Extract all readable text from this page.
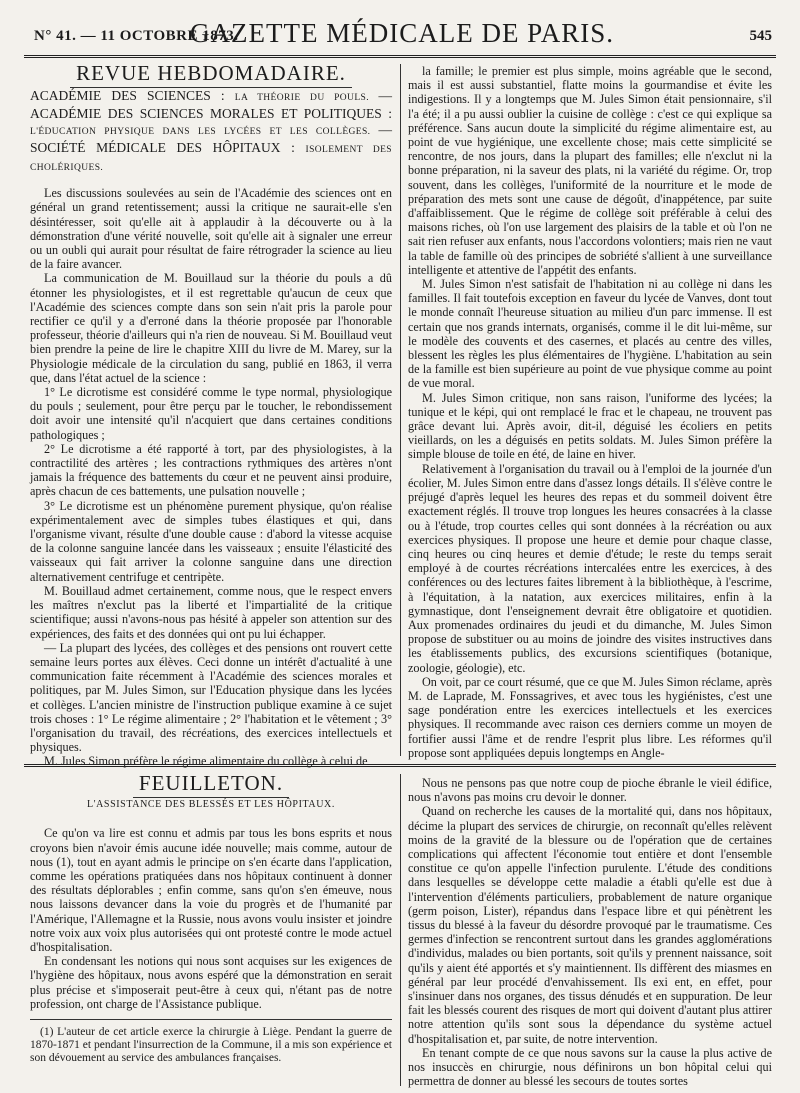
N° 41. — 11 OCTOBRE 1873.
GAZETTE MÉDICALE DE PARIS.	545
REVUE HEBDOMADAIRE.
ACADÉMIE DES SCIENCES : LA THÉORIE DU POULS. — ACADÉMIE DES SCIENCES MORALES ET POLITIQUES : L'ÉDUCATION PHYSIQUE DANS LES LYCÉES ET LES COLLÈGES. — SOCIÉTÉ MÉDICALE DES HÔPITAUX : ISOLEMENT DES CHOLÉRIQUES.

Les discussions soulevées au sein de l'Académie des sciences ont en général un grand retentissement; aussi la critique ne saurait-elle s'en désintéresser, soit qu'elle ait à applaudir à la découverte ou à la démonstration d'une vérité nouvelle, soit qu'elle ait à signaler une erreur ou un oubli qui aurait pour résultat de faire rétrograder la science au lieu de la faire avancer.

La communication de M. Bouillaud sur la théorie du pouls a dû étonner les physiologistes, et il est regrettable qu'aucun de ceux que l'Académie des sciences compte dans son sein n'ait pris la parole pour rectifier ce qu'il y a d'erroné dans la théorie proposée par l'honorable professeur, théorie d'ailleurs qui n'a rien de nouveau. Si M. Bouillaud veut bien prendre la peine de lire le chapitre XIII du livre de M. Marey, sur la Physiologie médicale de la circulation du sang, publié en 1863, il verra que, dans l'état actuel de la science :

1° Le dicrotisme est considéré comme le type normal, physiologique du pouls ; seulement, pour être perçu par le toucher, le rebondissement doit avoir une intensité qu'il n'acquiert que dans certaines conditions pathologiques ;

2° Le dicrotisme a été rapporté à tort, par des physiologistes, à la contractilité des artères ; les contractions rythmiques des artères n'ont jamais la fréquence des battements du cœur et ne peuvent ainsi produire, après chacun de ces battements, une pulsation nouvelle ;

3° Le dicrotisme est un phénomène purement physique, qu'on réalise expérimentalement avec de simples tubes élastiques et qui, dans l'organisme vivant, résulte d'une double cause : d'abord la vitesse acquise de la colonne sanguine lancée dans les vaisseaux ; ensuite l'élasticité des vaisseaux qui fait arriver la colonne sanguine dans une direction alternativement centrifuge et centripète.

M. Bouillaud admet certainement, comme nous, que le respect envers les maîtres n'exclut pas la liberté et l'impartialité de la critique scientifique; aussi n'avons-nous pas hésité à appeler son attention sur des expériences, des faits et des données qui ont pu lui échapper.

— La plupart des lycées, des collèges et des pensions ont rouvert cette semaine leurs portes aux élèves. Ceci donne un intérêt d'actualité à une communication faite récemment à l'Académie des sciences morales et politiques, par M. Jules Simon, sur l'Education physique dans les lycées et collèges. L'ancien ministre de l'instruction publique examine à ce sujet trois choses : 1° Le régime alimentaire ; 2° l'habitation et le vêtement ; 3° l'organisation du travail, des récréations, des exercices intellectuels et physiques.

M. Jules Simon préfère le régime alimentaire du collège à celui de

la famille; le premier est plus simple, moins agréable que le second, mais il est aussi substantiel, flatte moins la gourmandise et évite les indigestions. Il y a longtemps que M. Jules Simon était pensionnaire, s'il l'a été; il a pu aussi oublier la cuisine de collège : c'est ce qui explique sa préférence. Sans aucun doute la simplicité du régime alimentaire est, au point de vue hygiénique, une excellente chose; mais cette simplicité se rencontre, de nos jours, dans la plupart des familles; elle n'exclut ni la bonne préparation, ni la saveur des plats, ni la variété du régime. Or, trop souvent, dans les collèges, l'uniformité de la nourriture et le mode de préparation des mets sont une cause de dégoût, d'inappétence, par suite d'affaiblissement. Que le régime de collège soit préférable à celui des maisons riches, où l'on use largement des plaisirs de la table et où l'on ne sait rien refuser aux enfants, nous l'accordons volontiers; mais rien ne vaut la table de famille où des principes de sobriété s'allient à une surveillance intelligente et attentive de l'appétit des enfants.

M. Jules Simon n'est satisfait de l'habitation ni au collège ni dans les familles. Il fait toutefois exception en faveur du lycée de Vanves, dont tout le monde connaît l'heureuse situation au milieu d'un parc immense. Il est certain que nos grands internats, organisés, comme il le dit lui-même, sur le modèle des couvents et des casernes, et placés au centre des villes, blessent les règles les plus élémentaires de l'hygiène. L'habitation au sein de la famille est bien supérieure au point de vue physique comme au point de vue moral.

M. Jules Simon critique, non sans raison, l'uniforme des lycées; la tunique et le képi, qui ont remplacé le frac et le chapeau, ne trouvent pas grâce devant lui. Après avoir, dit-il, déguisé les écoliers en petits vieillards, on les a déguisés en petits soldats. M. Jules Simon préfère la simple blouse de toile en été, de laine en hiver.

Relativement à l'organisation du travail ou à l'emploi de la journée d'un écolier, M. Jules Simon entre dans d'assez longs détails. Il s'élève contre le préjugé d'après lequel les heures des repas et du sommeil doivent être exactement réglés. Il trouve trop longues les heures consacrées à la classe ou à l'étude, trop courtes celles qui sont données à la récréation ou aux exercices physiques. Il propose une heure et demie pour chaque classe, cinq heures ou cinq heures et demie d'étude; le reste du temps serait employé à de courtes récréations intercalées entre les exercices, à des conférences ou des lectures faites librement à la bibliothèque, à l'escrime, à l'équitation, à la natation, aux exercices militaires, enfin à la gymnastique, dont l'enseignement devrait être obligatoire et quotidien. Aux promenades ordinaires du jeudi et du dimanche, M. Jules Simon propose de substituer ou au moins de joindre des visites instructives dans les établissements publics, des excursions scientifiques (botanique, zoologie, géologie), etc.

On voit, par ce court résumé, que ce que M. Jules Simon réclame, après M. de Laprade, M. Fonssagrives, et avec tous les hygiénistes, c'est une sage pondération entre les exercices intellectuels et les exercices physiques. Il recommande avec raison ces derniers comme un moyen de fortifier aussi l'âme et de rendre l'esprit plus libre. Les réformes qu'il propose sont appliquées depuis longtemps en Angle-

FEUILLETON.
L'ASSISTANCE DES BLESSÉS ET LES HÔPITAUX.

Ce qu'on va lire est connu et admis par tous les bons esprits et nous croyons bien n'avoir émis aucune idée nouvelle; mais comme, autour de nous (1), tout en ayant admis le principe on s'en écarte dans l'application, comme les opérations pratiquées dans nos hôpitaux continuent à donner des résultats déplorables ; enfin comme, sans qu'on s'en émeuve, nous nous laissons devancer dans la voie du progrès et de l'humanité par l'Amérique, l'Allemagne et la Russie, nous avons voulu insister et joindre notre voix aux voix plus autorisées qui ont protesté contre le mode actuel d'hospitalisation.

En condensant les notions qui nous sont acquises sur les exigences de l'hygiène des hôpitaux, nous avons espéré que la démonstration en serait plus précise et s'imposerait peut-être à ceux qui, n'étant pas de notre profession, ont charge de l'Assistance publique.

(1) L'auteur de cet article exerce la chirurgie à Liège. Pendant la guerre de 1870-1871 et pendant l'insurrection de la Commune, il a mis son expérience et son dévouement au service des ambulances françaises.

Nous ne pensons pas que notre coup de pioche ébranle le vieil édifice, nous n'avons pas moins cru devoir le donner.

Quand on recherche les causes de la mortalité qui, dans nos hôpitaux, décime la plupart des services de chirurgie, on reconnaît qu'elles relèvent moins de la gravité de la blessure ou de l'opération que de certaines complications qui affectent l'économie tout entière et dont l'ensemble constitue ce qu'on appelle l'infection purulente. L'étude des conditions dans lesquelles se développe cette maladie a établi qu'elle est due à l'intervention d'éléments particuliers, probablement de nature organique (germ poison, Lister), répandus dans l'espace libre et qui pénètrent les tissus du blessé à la faveur du désordre provoqué par le traumatisme. Ces germes d'infection se rencontrent surtout dans les grandes agglomérations d'individus, malades ou bien portants, soit qu'ils y prennent naissance, soit qu'ils y aient été apportés et s'y maintiennent. Ils diffèrent des miasmes en général par leur procédé d'envahissement. Ils exi ent, en effet, pour s'insinuer dans nos organes, des tissus dénudés et en suppuration. De leur fait les blessés courent des risques de mort qui doivent d'autant plus attirer notre attention qu'ils sont sous la dépendance du système actuel d'hospitalisation et, par suite, de notre intervention.

En tenant compte de ce que nous savons sur la cause la plus active de nos insuccès en chirurgie, nous définirons un bon hôpital celui qui permettra de donner au blessé les secours de toutes sortes
